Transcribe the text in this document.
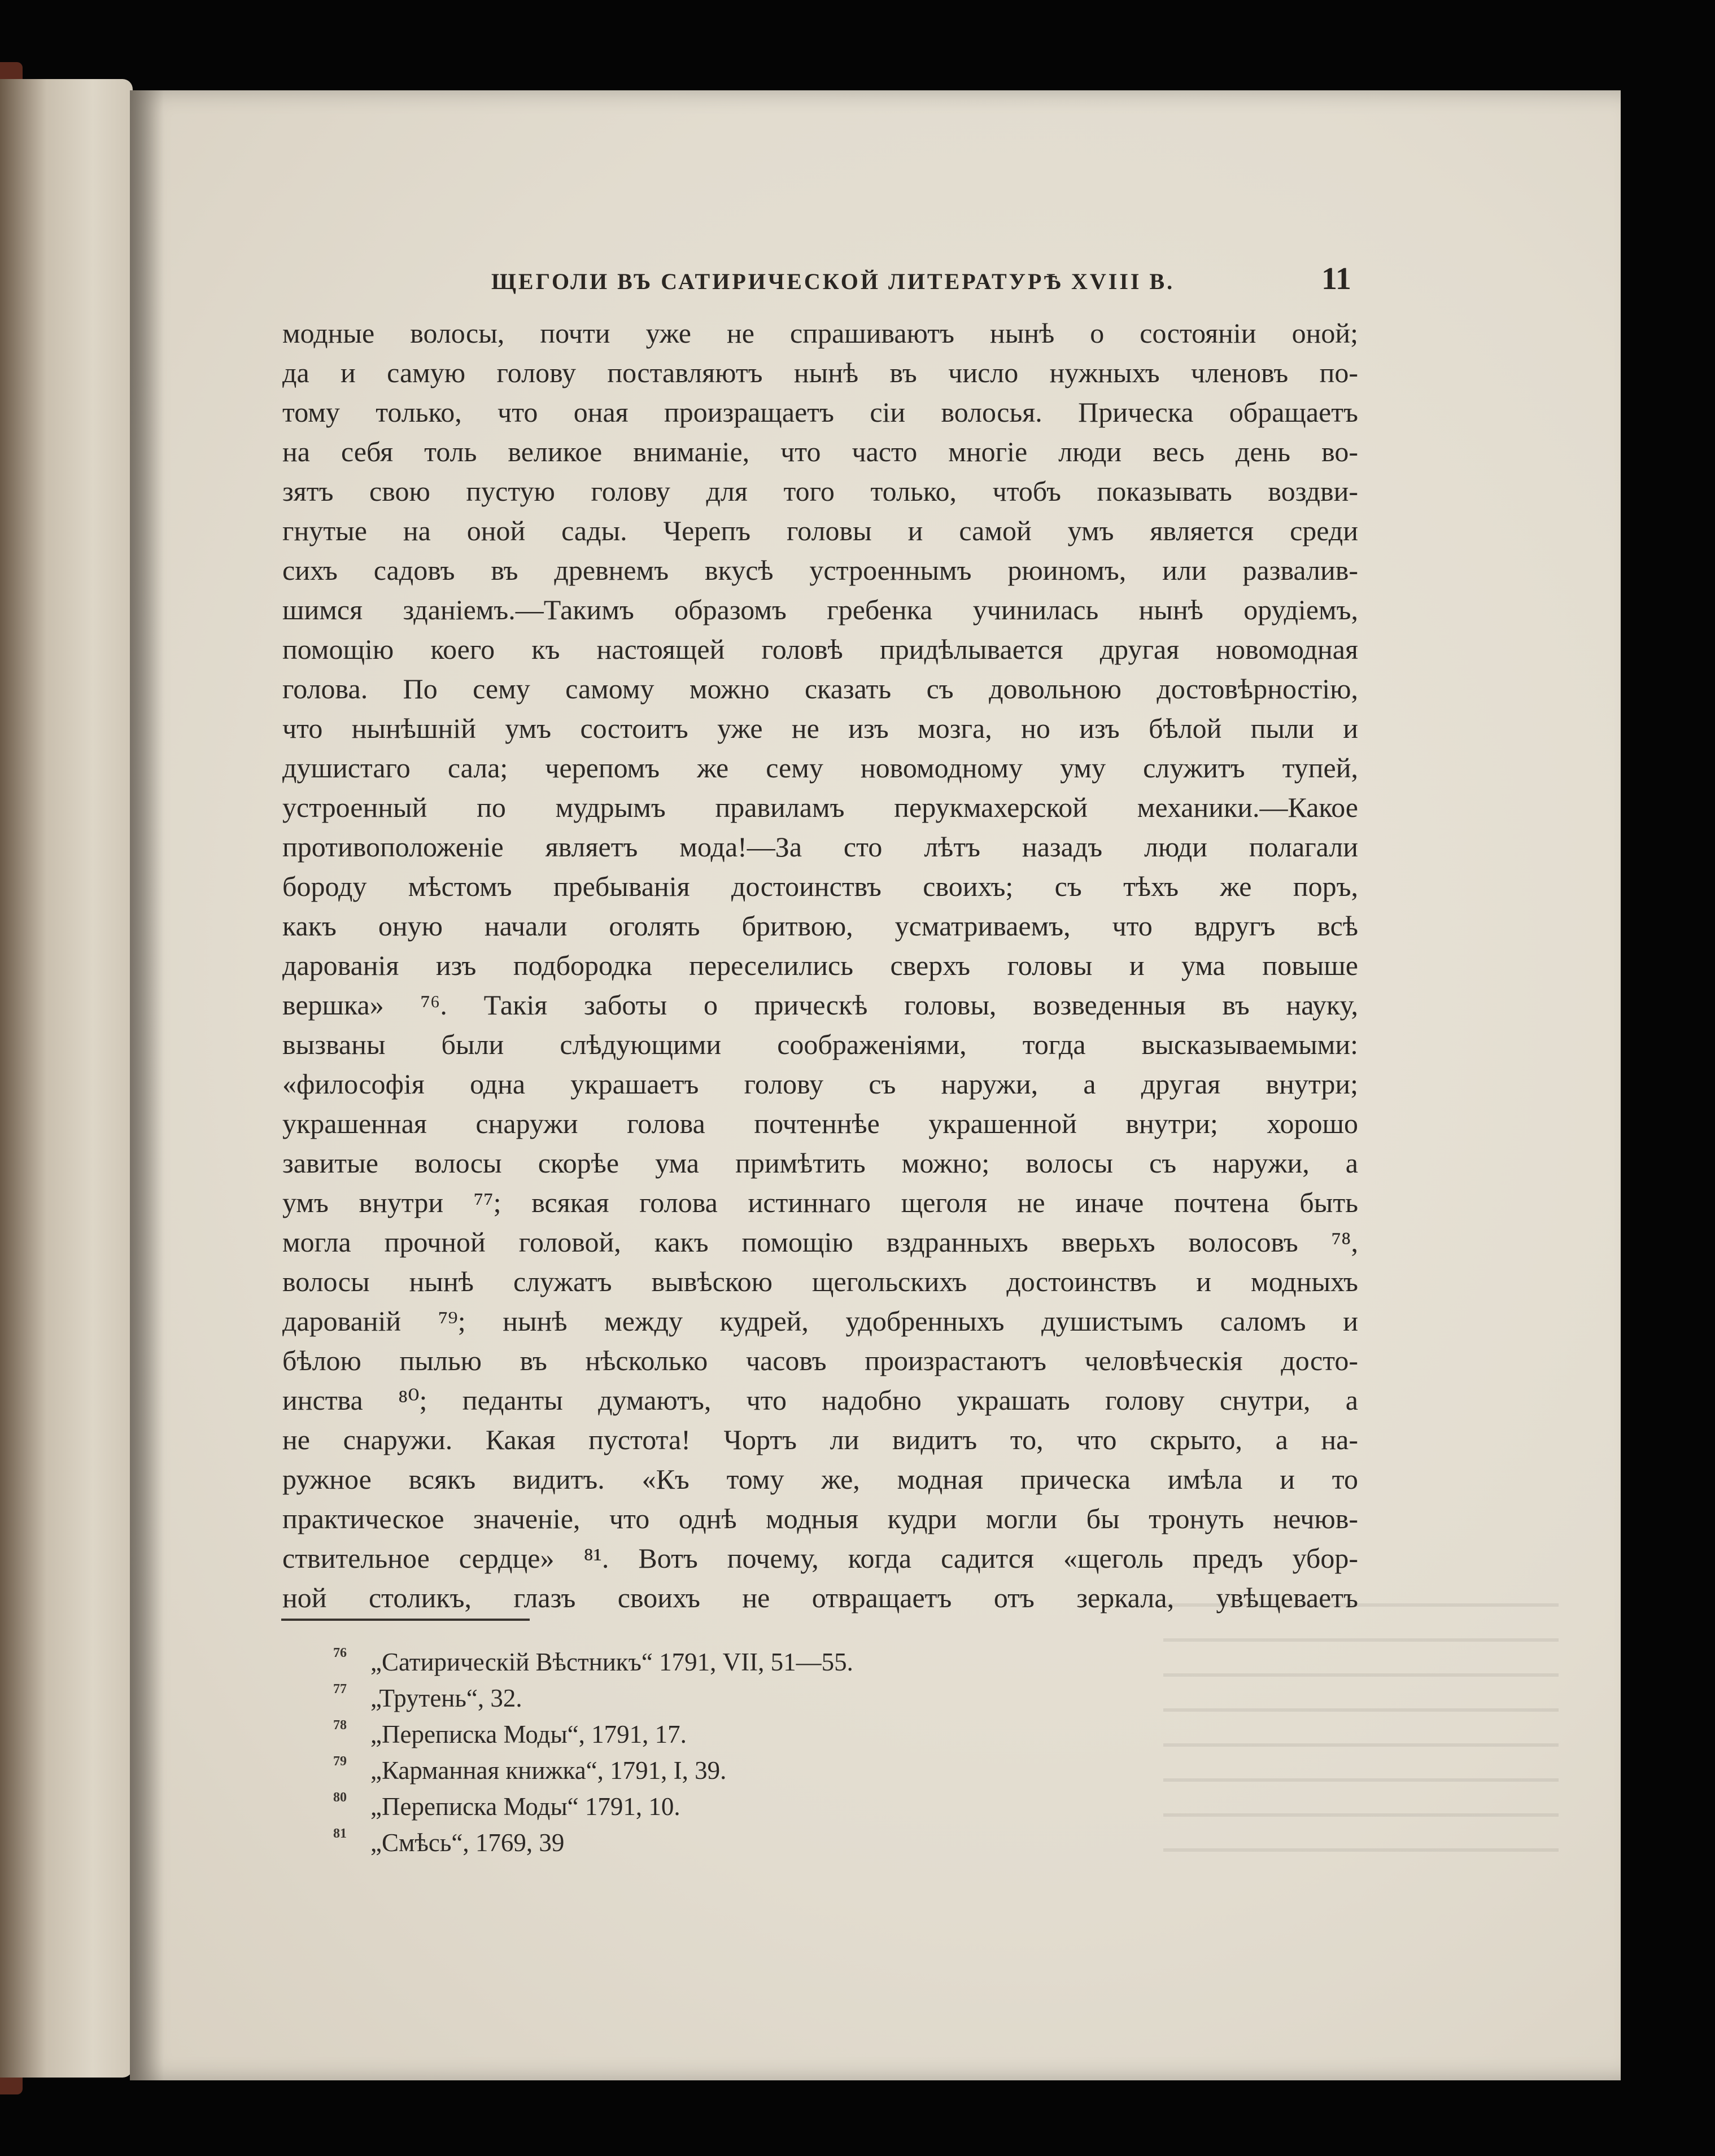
ЩЕГОЛИ ВЪ САТИРИЧЕСКОЙ ЛИТЕРАТУРѢ XVIII В.	11
модные волосы, почти уже не спрашиваютъ нынѣ о состояніи оной;
да и самую голову поставляютъ нынѣ въ число нужныхъ членовъ по-
тому только, что оная произращаетъ сіи волосья. Прическа обращаетъ
на себя толь великое вниманіе, что часто многіе люди весь день во-
зятъ свою пустую голову для того только, чтобъ показывать воздви-
гнутые на оной сады. Черепъ головы и самой умъ является среди
сихъ садовъ въ древнемъ вкусѣ устроеннымъ рюиномъ, или развалив-
шимся зданіемъ.—Такимъ образомъ гребенка учинилась нынѣ орудіемъ,
помощію коего къ настоящей головѣ придѣлывается другая новомодная
голова. По сему самому можно сказать съ довольною достовѣрностію,
что нынѣшній умъ состоитъ уже не изъ мозга, но изъ бѣлой пыли и
душистаго сала; черепомъ же сему новомодному уму служитъ тупей,
устроенный по мудрымъ правиламъ перукмахерской механики.—Какое
противоположеніе являетъ мода!—За сто лѣтъ назадъ люди полагали
бороду мѣстомъ пребыванія достоинствъ своихъ; съ тѣхъ же поръ,
какъ оную начали оголять бритвою, усматриваемъ, что вдругъ всѣ
дарованія изъ подбородка переселились сверхъ головы и ума повыше
вершка» ⁷⁶. Такія заботы о прическѣ головы, возведенныя въ науку,
вызваны были слѣдующими соображеніями, тогда высказываемыми:
«философія одна украшаетъ голову съ наружи, а другая внутри;
украшенная снаружи голова почтеннѣе украшенной внутри; хорошо
завитые волосы скорѣе ума примѣтить можно; волосы съ наружи, а
умъ внутри ⁷⁷; всякая голова истиннаго щеголя не иначе почтена быть
могла прочной головой, какъ помощію вздранныхъ вверьхъ волосовъ ⁷⁸,
волосы нынѣ служатъ вывѣскою щегольскихъ достоинствъ и модныхъ
дарованій ⁷⁹; нынѣ между кудрей, удобренныхъ душистымъ саломъ и
бѣлою пылью въ нѣсколько часовъ произрастаютъ человѣческія досто-
инства ⁸⁰; педанты думаютъ, что надобно украшать голову снутри, а
не снаружи. Какая пустота! Чортъ ли видитъ то, что скрыто, а на-
ружное всякъ видитъ. «Къ тому же, модная прическа имѣла и то
практическое значеніе, что однѣ модныя кудри могли бы тронуть нечюв-
ствительное сердце» ⁸¹. Вотъ почему, когда садится «щеголь предъ убор-
ной столикъ, глазъ своихъ не отвращаетъ отъ зеркала, увѣщеваетъ
76 „Сатирическій Вѣстникъ“ 1791, VII, 51—55.
77 „Трутень“, 32.
78 „Переписка Моды“, 1791, 17.
79 „Карманная книжка“, 1791, I, 39.
80 „Переписка Моды“ 1791, 10.
81 „Смѣсь“, 1769, 39
